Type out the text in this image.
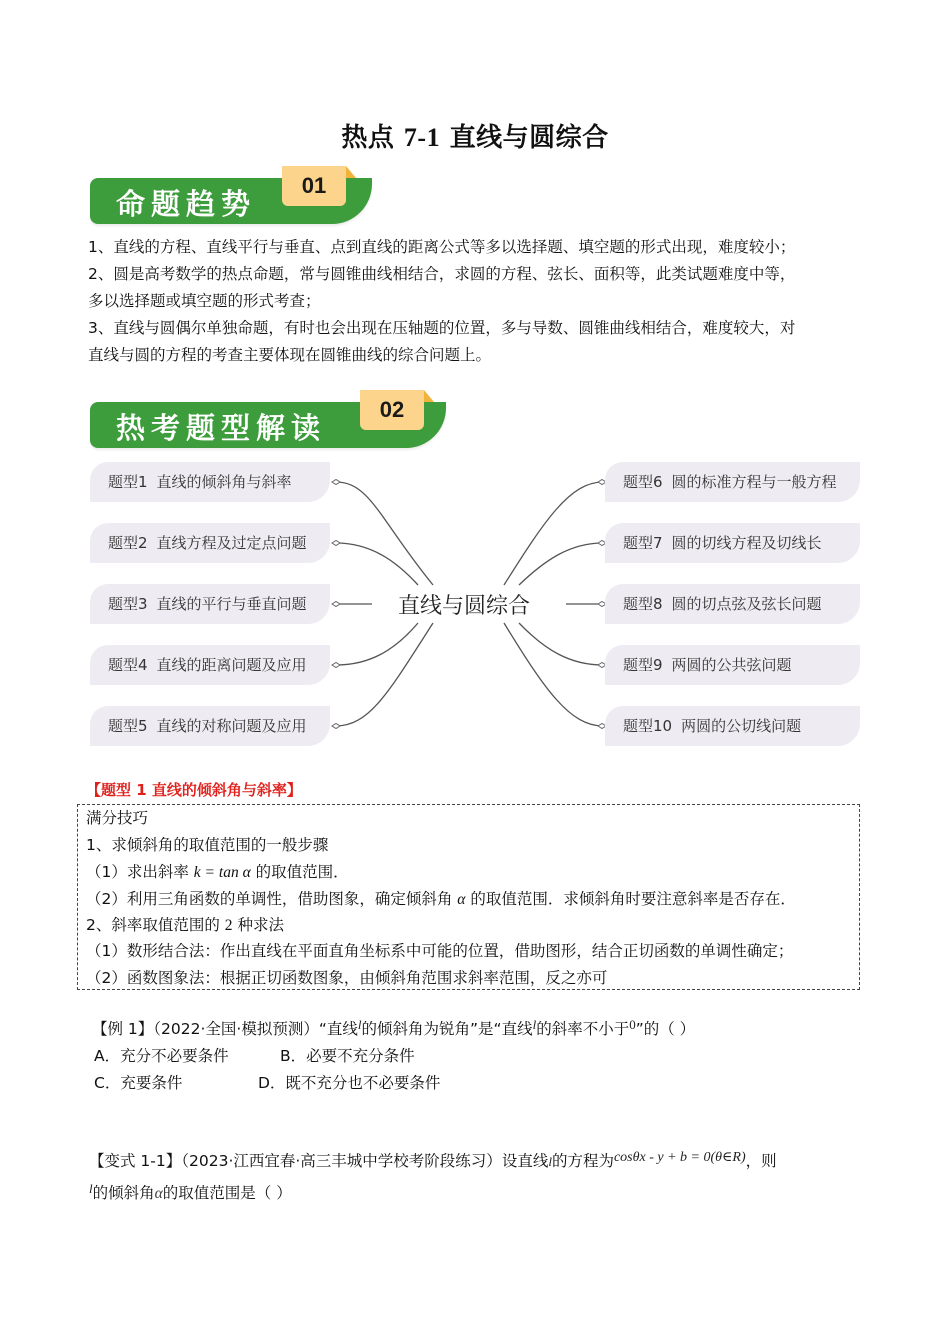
热点 7-1 直线与圆综合
命题趋势
01

1、直线的方程、直线平行与垂直、点到直线的距离公式等多以选择题、填空题的形式出现，难度较小；

2、圆是高考数学的热点命题，常与圆锥曲线相结合，求圆的方程、弦长、面积等，此类试题难度中等，

多以选择题或填空题的形式考查；

3、直线与圆偶尔单独命题，有时也会出现在压轴题的位置，多与导数、圆锥曲线相结合，难度较大，对

直线与圆的方程的考查主要体现在圆锥曲线的综合问题上。

热考题型解读
02
题型1 直线的倾斜角与斜率
题型2 直线方程及过定点问题
题型3 直线的平行与垂直问题
题型4 直线的距离问题及应用
题型5 直线的对称问题及应用
直线与圆综合
题型6 圆的标准方程与一般方程
题型7 圆的切线方程及切线长
题型8 圆的切点弦及弦长问题
题型9 两圆的公共弦问题
题型10 两圆的公切线问题
【题型 1 直线的倾斜角与斜率】
满分技巧
1、求倾斜角的取值范围的一般步骤
（1）求出斜率 k = tan α 的取值范围．
（2）利用三角函数的单调性，借助图象，确定倾斜角 α 的取值范围．求倾斜角时要注意斜率是否存在．
2、斜率取值范围的 2 种求法
（1）数形结合法：作出直线在平面直角坐标系中可能的位置，借助图形，结合正切函数的单调性确定；
（2）函数图象法：根据正切函数图象，由倾斜角范围求斜率范围，反之亦可
【例 1】（2022·全国·模拟预测）“直线$^l$的倾斜角为锐角”是“直线$^l$的斜率不小于$^0$”的（ ）
A．充分不必要条件	B．必要不充分条件
C．充要条件	D．既不充分也不必要条件
【变式 1-1】（2023·江西宜春·高三丰城中学校考阶段练习）设直线l的方程为cosθx - y + b = 0(θ∈R)，则
$^l$的倾斜角α的取值范围是（ ）
